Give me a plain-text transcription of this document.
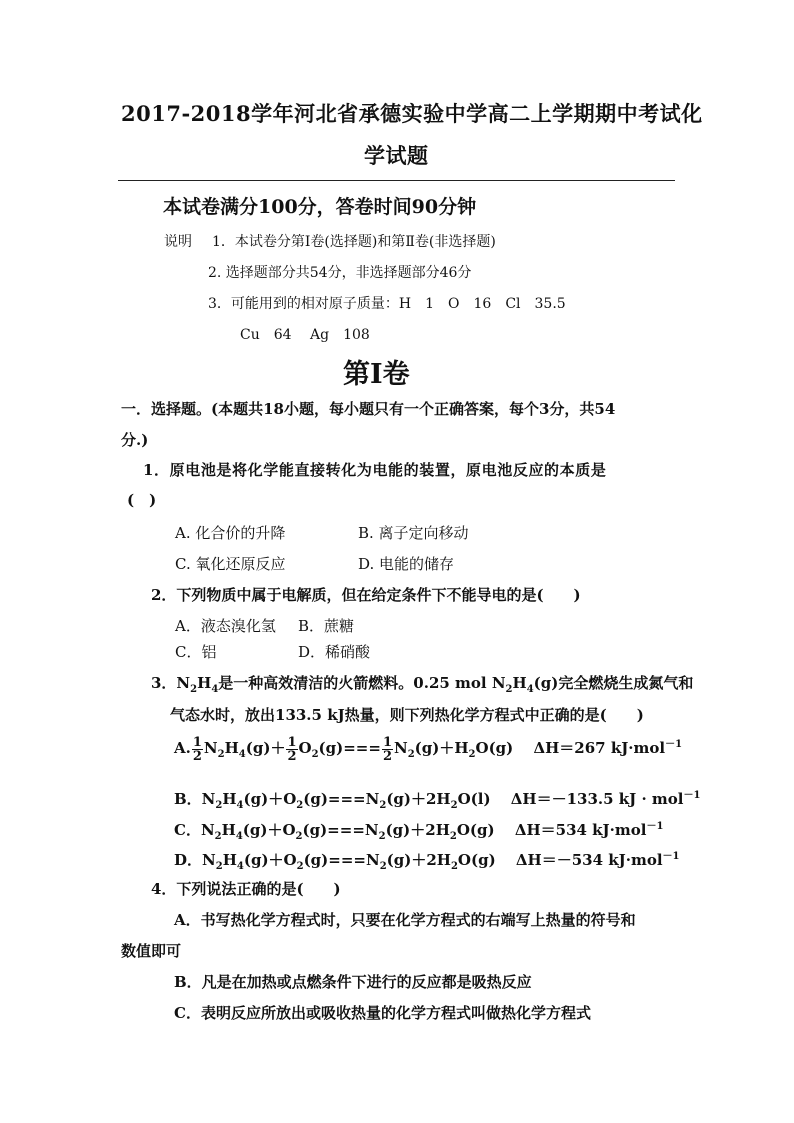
2017-2018学年河北省承德实验中学高二上学期期中考试化
学试题
本试卷满分100分，答卷时间90分钟
说明 1．本试卷分第Ⅰ卷(选择题)和第Ⅱ卷(非选择题)
2. 选择题部分共54分，非选择题部分46分
3．可能用到的相对原子质量：H　1　O　16　Cl　35.5
Cu　64　 Ag　108
第Ⅰ卷
一．选择题。(本题共18小题，每小题只有一个正确答案，每个3分，共54
分.)
1．原电池是将化学能直接转化为电能的装置，原电池反应的本质是
(　)
A. 化合价的升降	B. 离子定向移动
C. 氧化还原反应	D. 电能的储存
2．下列物质中属于电解质，但在给定条件下不能导电的是(　　)
A．液态溴化氢 B．蔗糖
C．铝	D．稀硝酸
3．$N_2H_4$是一种高效清洁的火箭燃料。0.25 mol $N_2H_4(g)$完全燃烧生成氮气和
气态水时，放出133.5 kJ热量，则下列热化学方程式中正确的是(　　)
A. $\frac{1}{2} N_2H_4(g)+ \frac{1}{2} O_2(g)=== \frac{1}{2} N_2(g)+H_2O(g)$　 ΔH＝267 kJ·mol$^{-1}$
B．$N_2H_4(g)+O_2(g)===N_2(g)+2H_2O(l)$　 ΔH＝－133.5 kJ · mol$^{-1}$
C．$N_2H_4(g)+O_2(g)===N_2(g)+2H_2O(g)$　 ΔH＝534 kJ·mol$^{-1}$
D．$N_2H_4(g)+O_2(g)===N_2(g)+2H_2O(g)$　 ΔH＝－534 kJ·mol$^{-1}$
4．下列说法正确的是(　　)
A．书写热化学方程式时，只要在化学方程式的右端写上热量的符号和
数值即可
B．凡是在加热或点燃条件下进行的反应都是吸热反应
C．表明反应所放出或吸收热量的化学方程式叫做热化学方程式
